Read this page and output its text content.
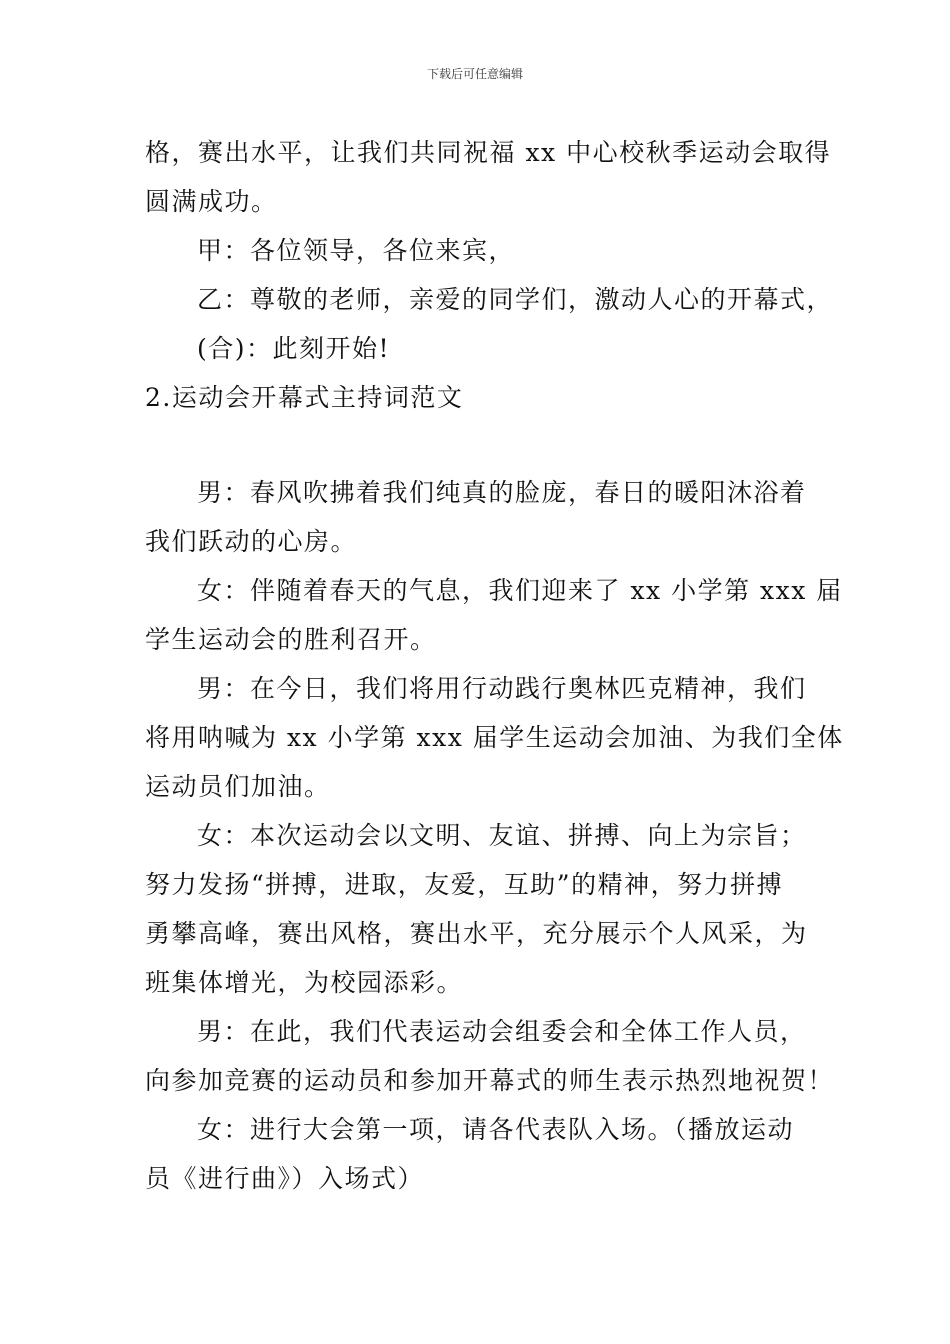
下载后可任意编辑
格，赛出水平，让我们共同祝福 xx 中心校秋季运动会取得
圆满成功。
甲：各位领导，各位来宾，
乙：尊敬的老师，亲爱的同学们，激动人心的开幕式，
(合)：此刻开始!
2.运动会开幕式主持词范文
男：春风吹拂着我们纯真的脸庞，春日的暖阳沐浴着
我们跃动的心房。
女：伴随着春天的气息，我们迎来了 xx 小学第 xxx 届
学生运动会的胜利召开。
男：在今日，我们将用行动践行奥林匹克精神，我们
将用呐喊为 xx 小学第 xxx 届学生运动会加油、为我们全体
运动员们加油。
女：本次运动会以文明、友谊、拼搏、向上为宗旨；
努力发扬“拼搏，进取，友爱，互助”的精神，努力拼搏
勇攀高峰，赛出风格，赛出水平，充分展示个人风采，为
班集体增光，为校园添彩。
男：在此，我们代表运动会组委会和全体工作人员，
向参加竞赛的运动员和参加开幕式的师生表示热烈地祝贺！
女：进行大会第一项，请各代表队入场。（播放运动
员《进行曲》）入场式）
